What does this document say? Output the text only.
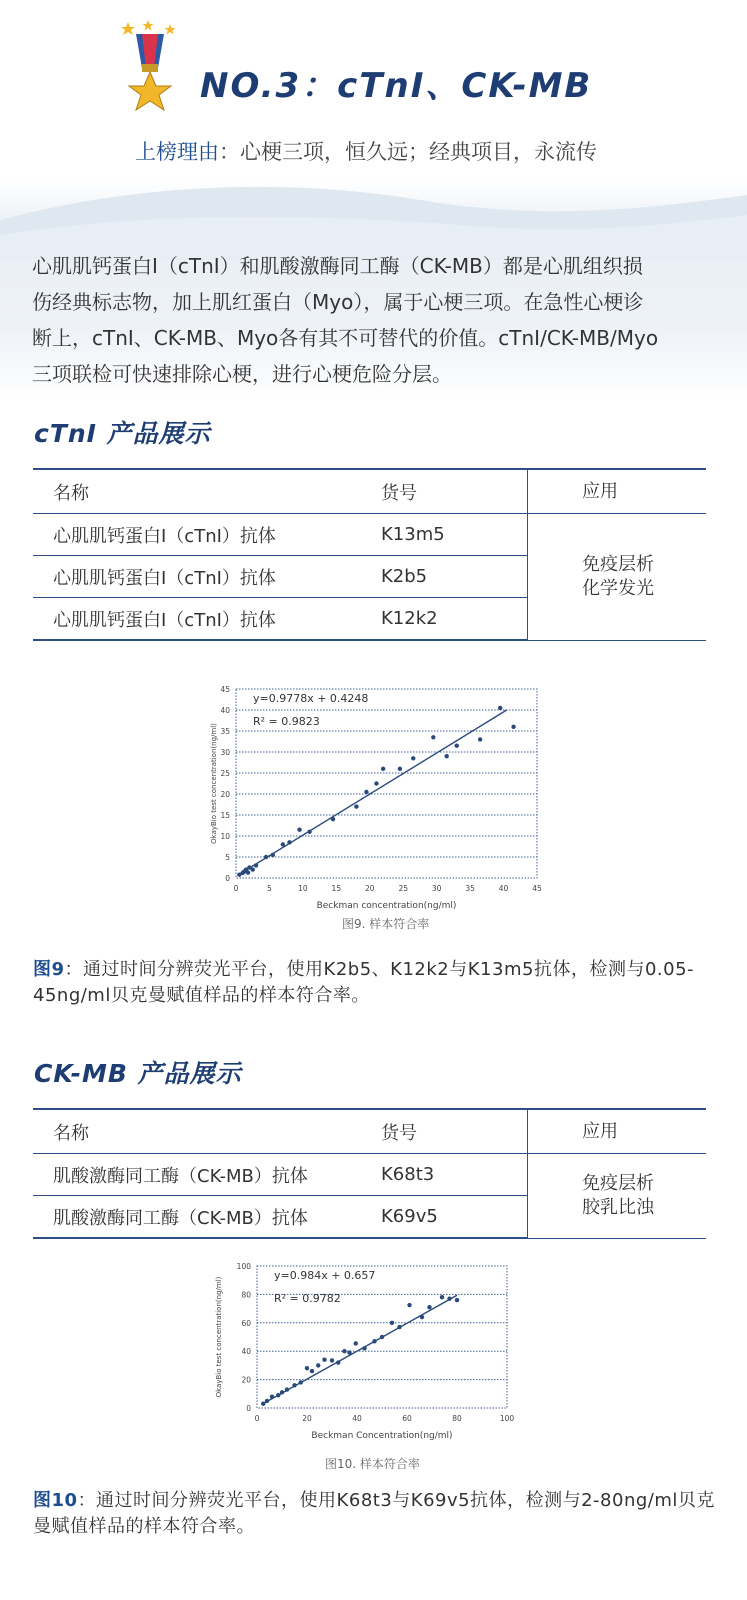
NO.3：cTnI、CK-MB
上榜理由：心梗三项，恒久远；经典项目，永流传

心肌肌钙蛋白I（cTnI）和肌酸激酶同工酶（CK-MB）都是心肌组织损
伤经典标志物，加上肌红蛋白（Myo），属于心梗三项。在急性心梗诊
断上，cTnI、CK-MB、Myo各有其不可替代的价值。cTnI/CK-MB/Myo
三项联检可快速排除心梗，进行心梗危险分层。

cTnI 产品展示
名称	货号	应用
心肌肌钙蛋白I（cTnI）抗体	K13m5	免疫层析
化学发光

心肌肌钙蛋白I（cTnI）抗体	K2b5	
心肌肌钙蛋白I（cTnI）抗体	K12k2	
0
5
10
15
20
25
30
35
40
45
0	5	10	15	20	25	30	35	40	45
Beckman concentration(ng/ml)
OkayBio test concentration(ng/ml)
y=0.9778x + 0.4248
R² = 0.9823
图9. 样本符合率

图9：通过时间分辨荧光平台，使用K2b5、K12k2与K13m5抗体，检测与0.05-45ng/ml贝克曼赋值样品的样本符合率。

CK-MB 产品展示
名称	货号	应用
肌酸激酶同工酶（CK-MB）抗体	K68t3	免疫层析
胶乳比浊

肌酸激酶同工酶（CK-MB）抗体	K69v5	
0
20
40
60
80
100
0	20	40	60	80	100
Beckman Concentration(ng/ml)
OkayBio test concentration(ng/ml)
y=0.984x + 0.657
R² = 0.9782
图10. 样本符合率

图10：通过时间分辨荧光平台，使用K68t3与K69v5抗体，检测与2-80ng/ml贝克曼赋值样品的样本符合率。
